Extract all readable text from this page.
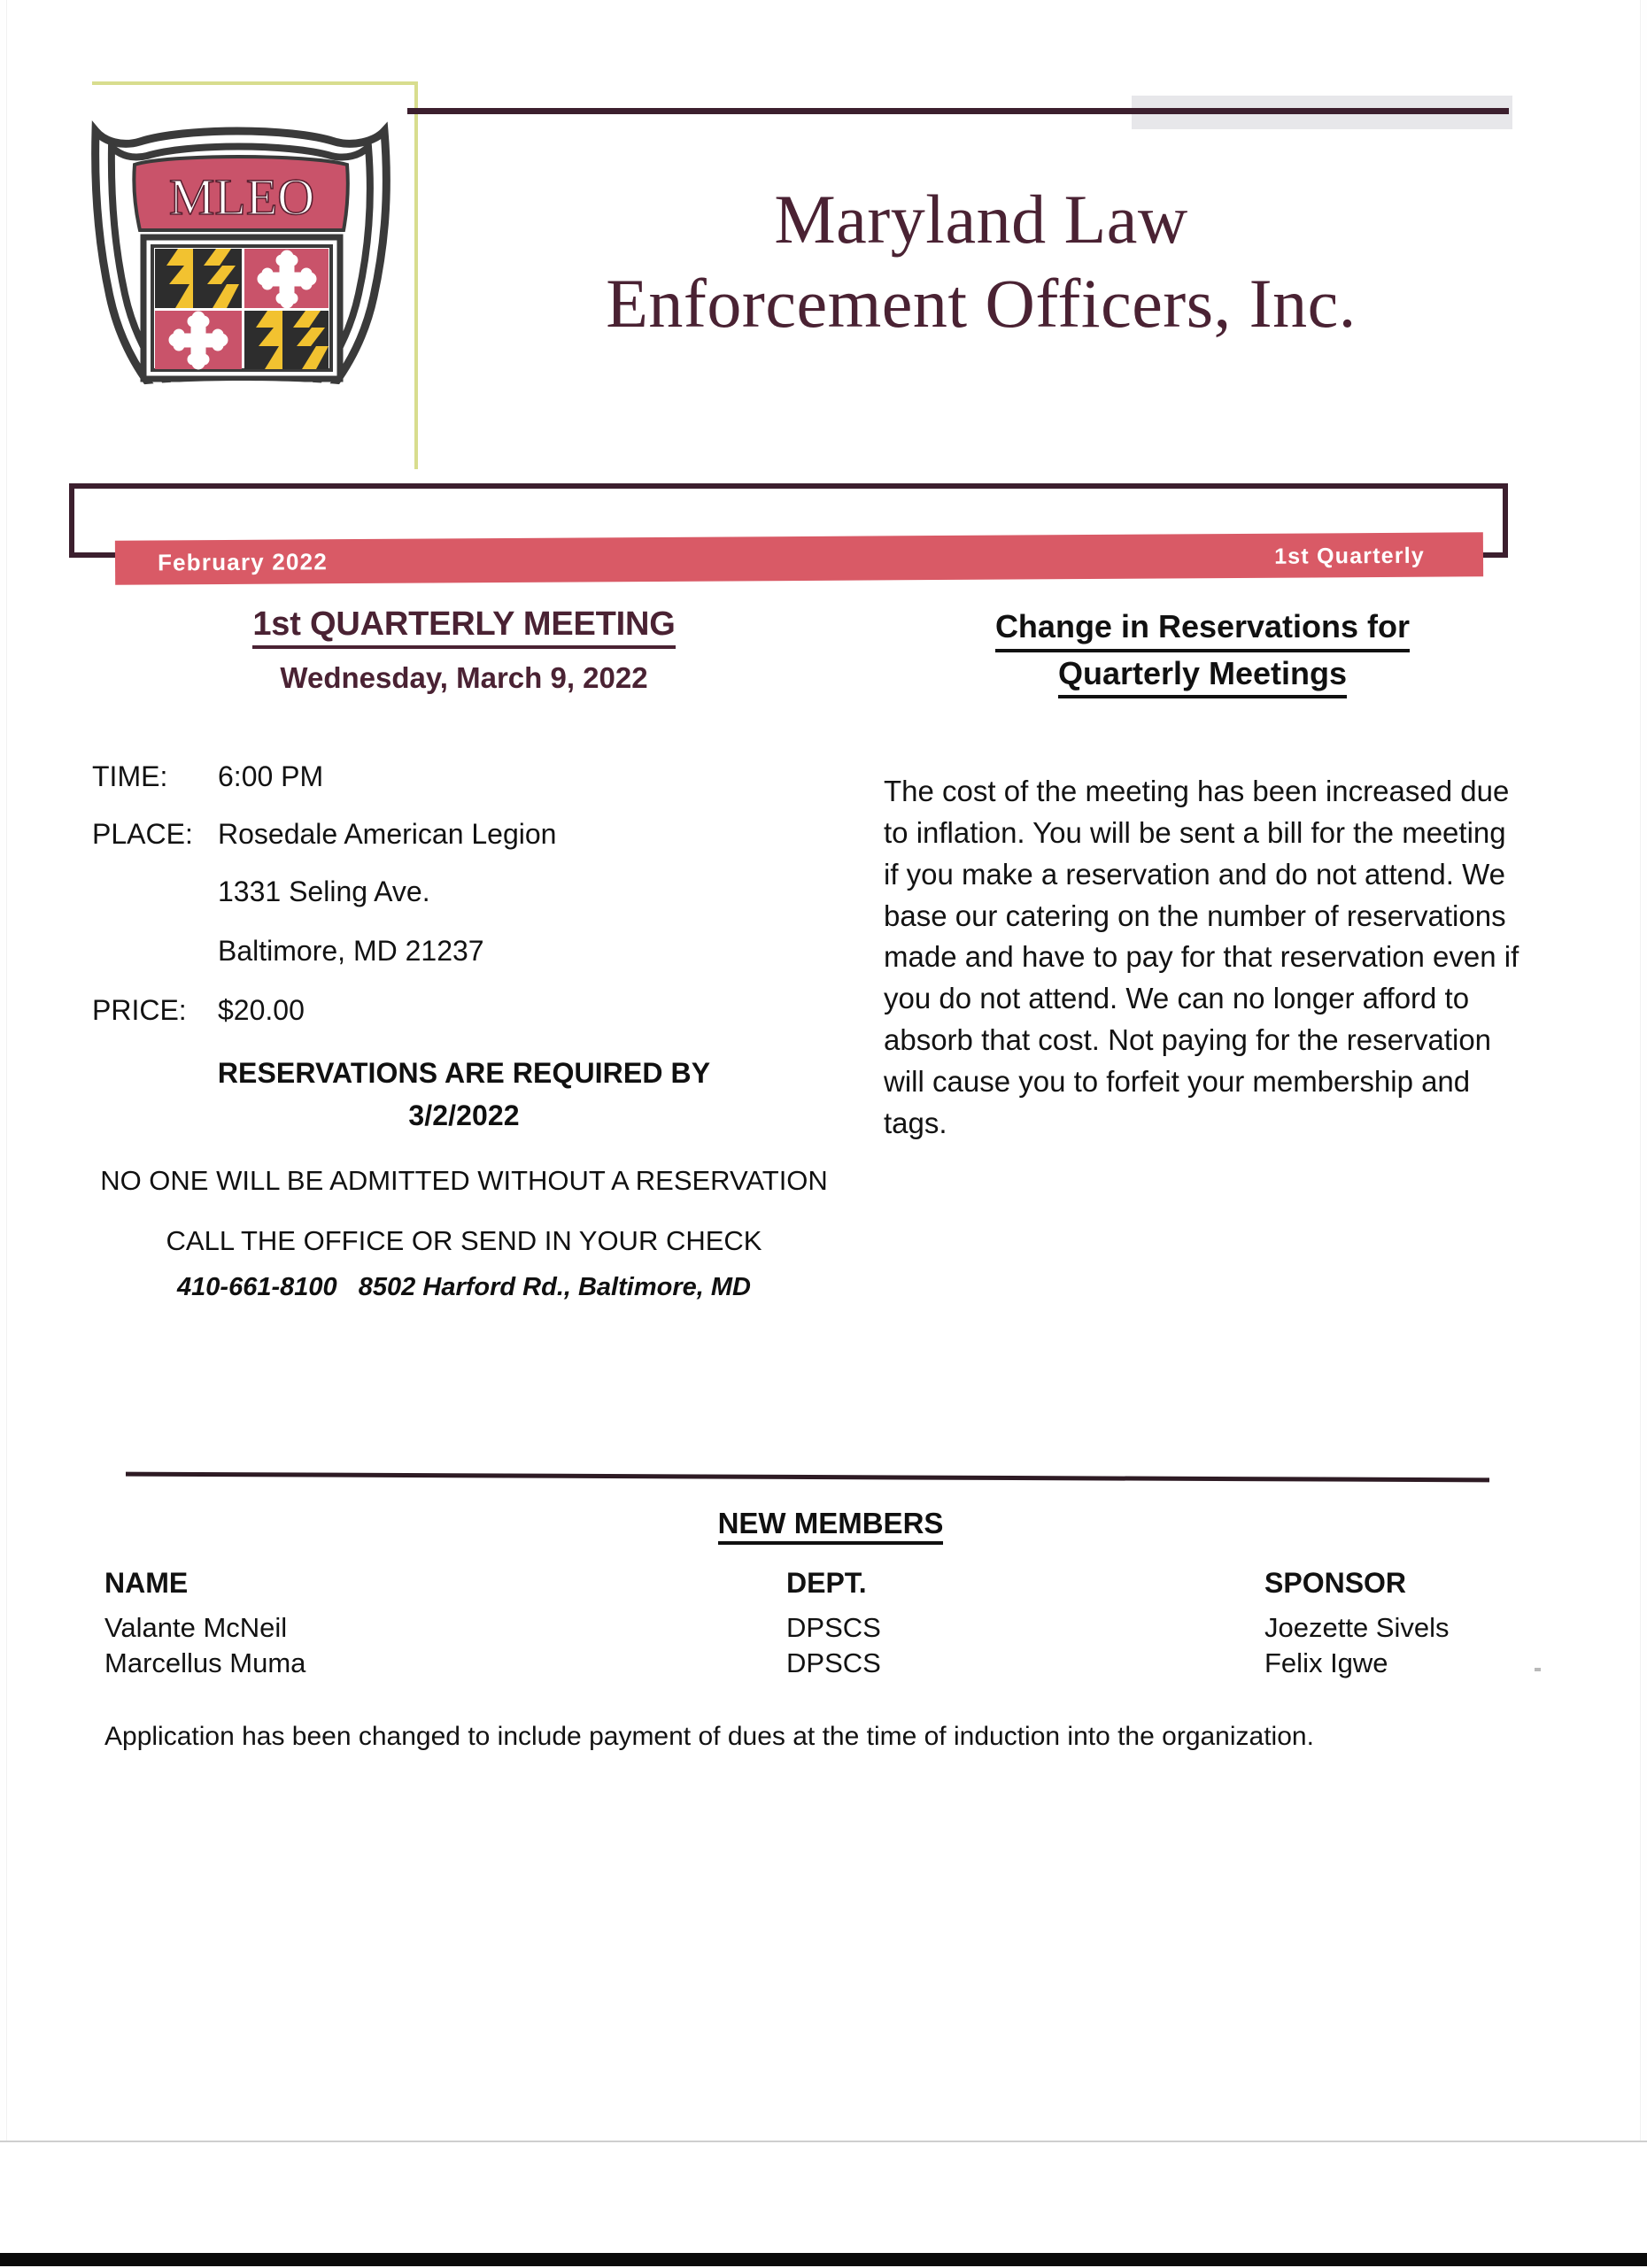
MLEO	Maryland Law
Enforcement Officers, Inc.
February 2022	1st Quarterly
1st QUARTERLY MEETING
Wednesday, March 9, 2022
TIME:	6:00 PM
PLACE: Rosedale American Legion
1331 Seling Ave.
Baltimore, MD 21237
PRICE:	$20.00
RESERVATIONS ARE REQUIRED BY
3/2/2022
NO ONE WILL BE ADMITTED WITHOUT A RESERVATION
CALL THE OFFICE OR SEND IN YOUR CHECK
410-661-8100   8502 Harford Rd., Baltimore, MD
Change in Reservations for
Quarterly Meetings

The cost of the meeting has been increased due to inflation. You will be sent a bill for the meeting if you make a reservation and do not attend. We base our catering on the number of reservations made and have to pay for that reservation even if you do not attend. We can no longer afford to absorb that cost. Not paying for the reservation will cause you to forfeit your membership and tags.

NEW MEMBERS
NAME	DEPT.	SPONSOR
Valante McNeil	DPSCS	Joezette Sivels
Marcellus Muma	DPSCS	Felix Igwe
Application has been changed to include payment of dues at the time of induction into the organization.
